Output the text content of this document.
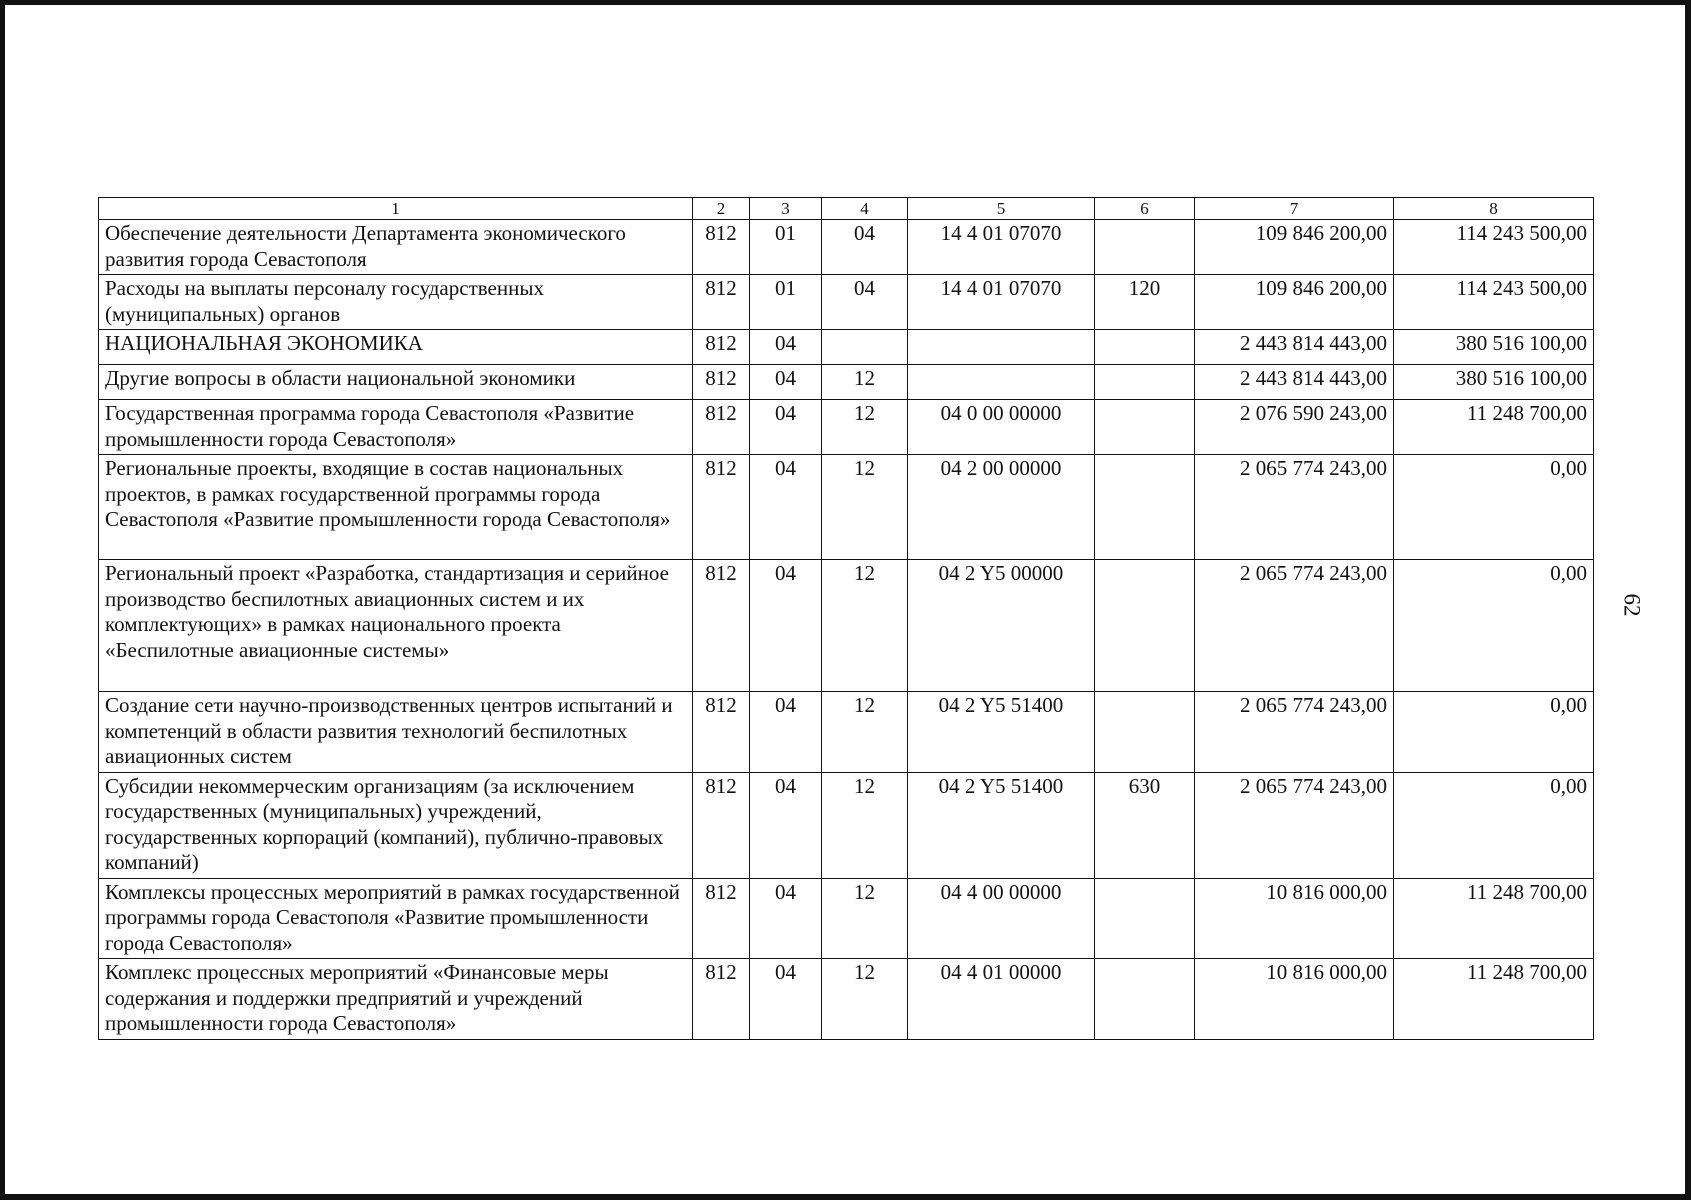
62
1	2	3	4	5	6	7	8
Обеспечение деятельности Департамента экономического развития города Севастополя	812	01	04	14 4 01 07070		109 846 200,00	114 243 500,00
Расходы на выплаты персоналу государственных (муниципальных) органов	812	01	04	14 4 01 07070	120	109 846 200,00	114 243 500,00
НАЦИОНАЛЬНАЯ ЭКОНОМИКА	812	04				2 443 814 443,00	380 516 100,00
Другие вопросы в области национальной экономики	812	04	12			2 443 814 443,00	380 516 100,00
Государственная программа города Севастополя «Развитие промышленности города Севастополя»	812	04	12	04 0 00 00000		2 076 590 243,00	11 248 700,00
Региональные проекты, входящие в состав национальных проектов, в рамках государственной программы города Севастополя «Развитие промышленности города Севастополя»	812	04	12	04 2 00 00000		2 065 774 243,00	0,00
Региональный проект «Разработка, стандартизация и серийное производство беспилотных авиационных систем и их комплектующих» в рамках национального проекта «Беспилотные авиационные системы»	812	04	12	04 2 Y5 00000		2 065 774 243,00	0,00
Создание сети научно-производственных центров испытаний и компетенций в области развития технологий беспилотных авиационных систем	812	04	12	04 2 Y5 51400		2 065 774 243,00	0,00
Субсидии некоммерческим организациям (за исключением государственных (муниципальных) учреждений, государственных корпораций (компаний), публично-правовых компаний)	812	04	12	04 2 Y5 51400	630	2 065 774 243,00	0,00
Комплексы процессных мероприятий в рамках государственной программы города Севастополя «Развитие промышленности города Севастополя»	812	04	12	04 4 00 00000		10 816 000,00	11 248 700,00
Комплекс процессных мероприятий «Финансовые меры содержания и поддержки предприятий и учреждений промышленности города Севастополя»	812	04	12	04 4 01 00000		10 816 000,00	11 248 700,00
